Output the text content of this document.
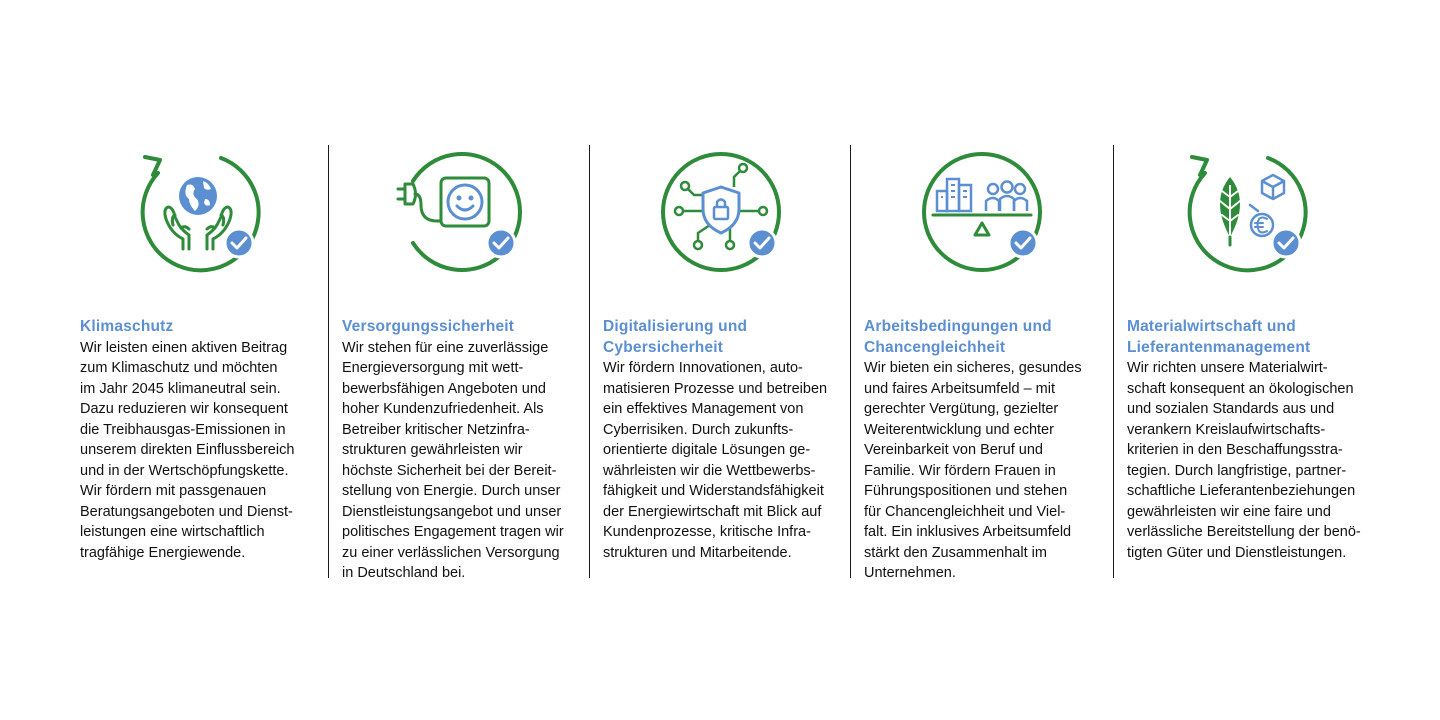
Klimaschutz

Wir leisten einen aktiven Beitrag
zum Klimaschutz und möchten
im Jahr 2045 klimaneutral sein.
Dazu reduzieren wir konsequent
die Treibhausgas-Emissionen in
unserem direkten Einflussbereich
und in der Wertschöpfungskette.
Wir fördern mit passgenauen
Beratungsangeboten und Dienst-
leistungen eine wirtschaftlich
tragfähige Energiewende.

Versorgungssicherheit

Wir stehen für eine zuverlässige
Energieversorgung mit wett-
bewerbsfähigen Angeboten und
hoher Kundenzufriedenheit. Als
Betreiber kritischer Netzinfra-
strukturen gewährleisten wir
höchste Sicherheit bei der Bereit-
stellung von Energie. Durch unser
Dienstleistungsangebot und unser
politisches Engagement tragen wir
zu einer verlässlichen Versorgung
in Deutschland bei.

Digitalisierung und
Cybersicherheit

Wir fördern Innovationen, auto-
matisieren Prozesse und betreiben
ein effektives Management von
Cyberrisiken. Durch zukunfts-
orientierte digitale Lösungen ge-
währleisten wir die Wettbewerbs-
fähigkeit und Widerstandsfähigkeit
der Energiewirtschaft mit Blick auf
Kundenprozesse, kritische Infra-
strukturen und Mitarbeitende.

Arbeitsbedingungen und
Chancengleichheit

Wir bieten ein sicheres, gesundes
und faires Arbeitsumfeld – mit
gerechter Vergütung, gezielter
Weiterentwicklung und echter
Vereinbarkeit von Beruf und
Familie. Wir fördern Frauen in
Führungspositionen und stehen
für Chancengleichheit und Viel-
falt. Ein inklusives Arbeitsumfeld
stärkt den Zusammenhalt im
Unternehmen.

Materialwirtschaft und
Lieferantenmanagement

Wir richten unsere Materialwirt-
schaft konsequent an ökologischen
und sozialen Standards aus und
verankern Kreislaufwirtschafts-
kriterien in den Beschaffungsstra-
tegien. Durch langfristige, partner-
schaftliche Lieferantenbeziehungen
gewährleisten wir eine faire und
verlässliche Bereitstellung der benö-
tigten Güter und Dienstleistungen.
